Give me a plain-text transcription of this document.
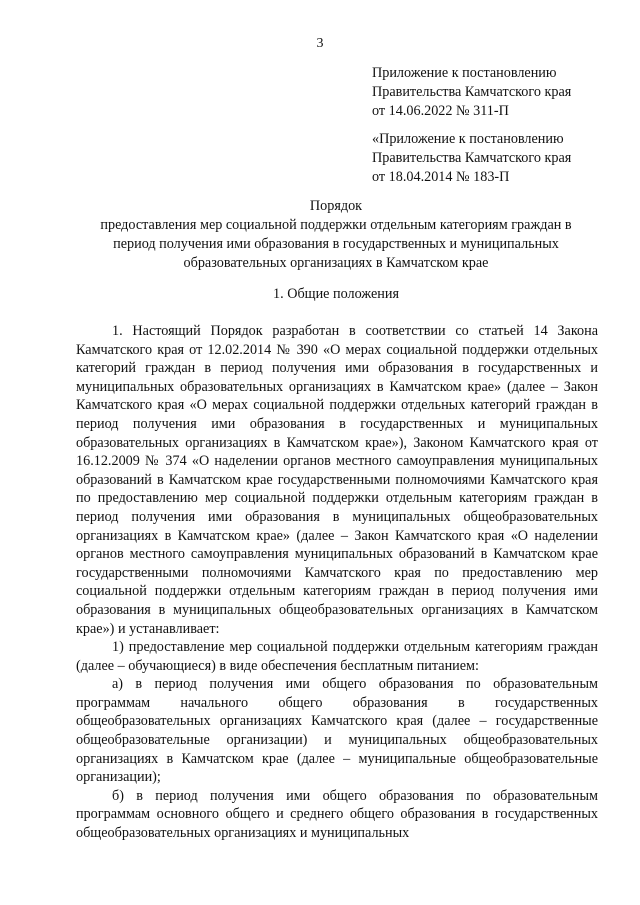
3
Приложение к постановлению
Правительства Камчатского края
от 14.06.2022 № 311-П
«Приложение к постановлению
Правительства Камчатского края
от 18.04.2014 № 183-П
Порядок
предоставления мер социальной поддержки отдельным категориям граждан в
период получения ими образования в государственных и муниципальных
образовательных организациях в Камчатском крае
1. Общие положения

1. Настоящий Порядок разработан в соответствии со статьей 14 Закона Камчатского края от 12.02.2014 № 390 «О мерах социальной поддержки отдельных категорий граждан в период получения ими образования в государственных и муниципальных образовательных организациях в Камчатском крае» (далее – Закон Камчатского края «О мерах социальной поддержки отдельных категорий граждан в период получения ими образования в государственных и муниципальных образовательных организациях в Камчатском крае»), Законом Камчатского края от 16.12.2009 № 374 «О наделении органов местного самоуправления муниципальных образований в Камчатском крае государственными полномочиями Камчатского края по предоставлению мер социальной поддержки отдельным категориям граждан в период получения ими образования в муниципальных общеобразовательных организациях в Камчатском крае» (далее – Закон Камчатского края «О наделении органов местного самоуправления муниципальных образований в Камчатском крае государственными полномочиями Камчатского края по предоставлению мер социальной поддержки отдельным категориям граждан в период получения ими образования в муниципальных общеобразовательных организациях в Камчатском крае») и устанавливает:

1) предоставление мер социальной поддержки отдельным категориям граждан (далее – обучающиеся) в виде обеспечения бесплатным питанием:

а) в период получения ими общего образования по образовательным программам начального общего образования в государственных общеобразовательных организациях Камчатского края (далее – государственные общеобразовательные организации) и муниципальных общеобразовательных организациях в Камчатском крае (далее – муниципальные общеобразовательные организации);

б) в период получения ими общего образования по образовательным программам основного общего и среднего общего образования в государственных общеобразовательных организациях и муниципальных
